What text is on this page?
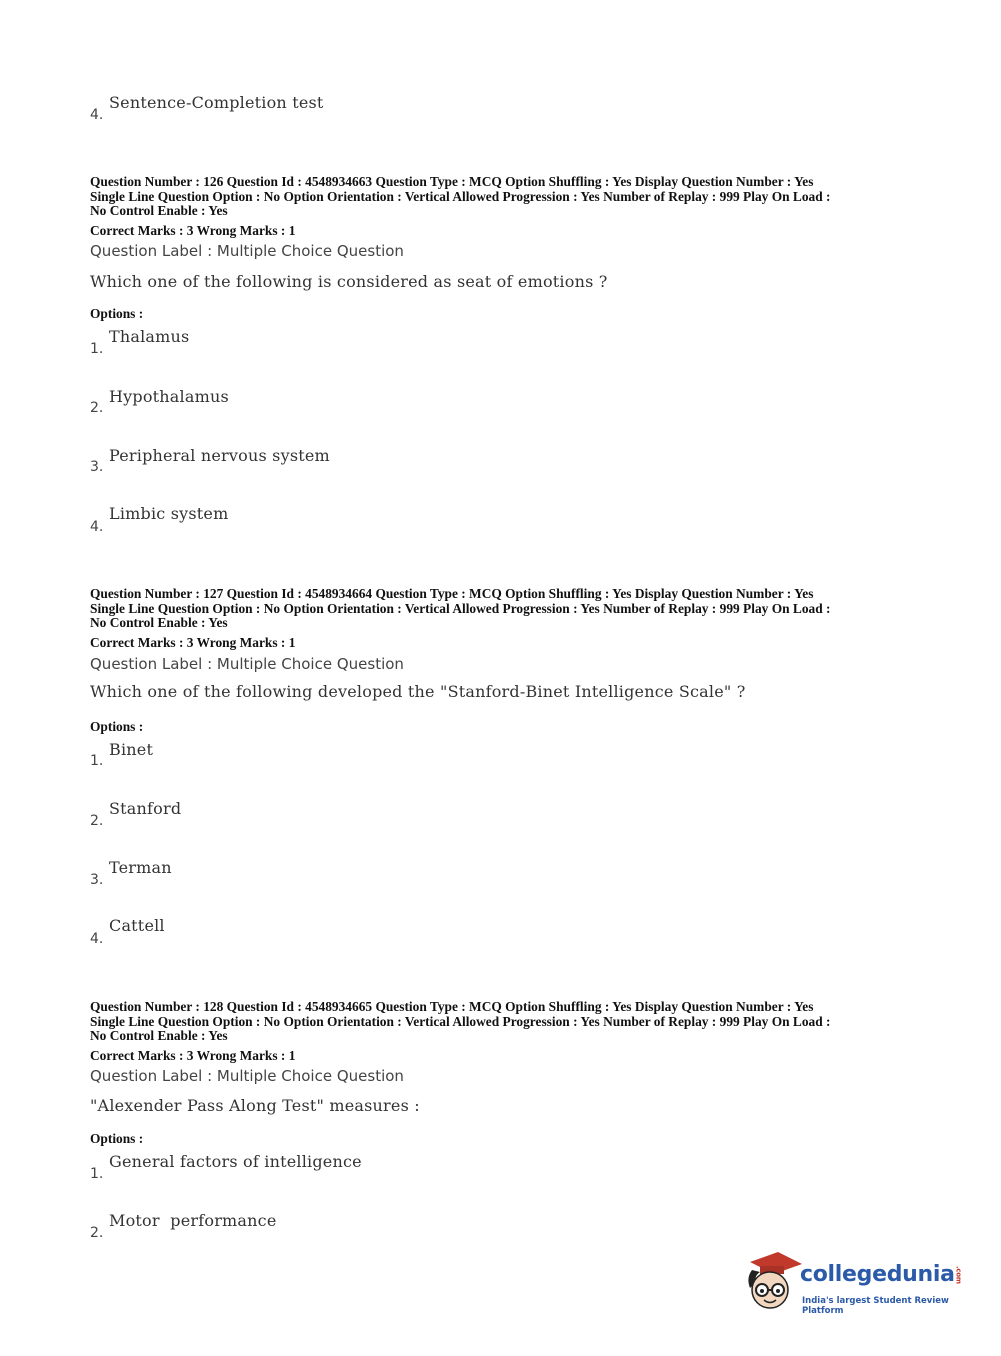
Sentence-Completion test
4.
Question Number : 126 Question Id : 4548934663 Question Type : MCQ Option Shuffling : Yes Display Question Number : Yes
Single Line Question Option : No Option Orientation : Vertical Allowed Progression : Yes Number of Replay : 999 Play On Load :
No Control Enable : Yes
Correct Marks : 3 Wrong Marks : 1
Question Label : Multiple Choice Question
Which one of the following is considered as seat of emotions ?
Options :
Thalamus
1.
Hypothalamus
2.
Peripheral nervous system
3.
Limbic system
4.
Question Number : 127 Question Id : 4548934664 Question Type : MCQ Option Shuffling : Yes Display Question Number : Yes
Single Line Question Option : No Option Orientation : Vertical Allowed Progression : Yes Number of Replay : 999 Play On Load :
No Control Enable : Yes
Correct Marks : 3 Wrong Marks : 1
Question Label : Multiple Choice Question
Which one of the following developed the "Stanford-Binet Intelligence Scale" ?
Options :
Binet
1.
Stanford
2.
Terman
3.
Cattell
4.
Question Number : 128 Question Id : 4548934665 Question Type : MCQ Option Shuffling : Yes Display Question Number : Yes
Single Line Question Option : No Option Orientation : Vertical Allowed Progression : Yes Number of Replay : 999 Play On Load :
No Control Enable : Yes
Correct Marks : 3 Wrong Marks : 1
Question Label : Multiple Choice Question
"Alexender Pass Along Test" measures :
Options :
General factors of intelligence
1.
Motor  performance
2.
collegedunia.com
India's largest Student Review Platform
